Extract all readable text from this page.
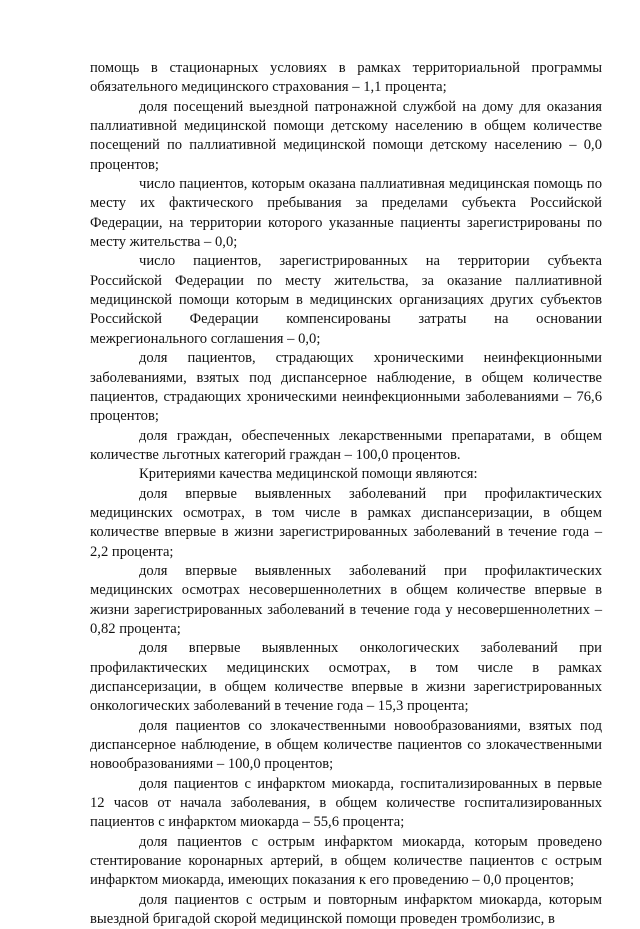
помощь в стационарных условиях в рамках территориальной программы обязательного медицинского страхования – 1,1 процента;

доля посещений выездной патронажной службой на дому для оказания паллиативной медицинской помощи детскому населению в общем количестве посещений по паллиативной медицинской помощи детскому населению – 0,0 процентов;

число пациентов, которым оказана паллиативная медицинская помощь по месту их фактического пребывания за пределами субъекта Российской Федерации, на территории которого указанные пациенты зарегистрированы по месту жительства – 0,0;

число пациентов, зарегистрированных на территории субъекта Российской Федерации по месту жительства, за оказание паллиативной медицинской помощи которым в медицинских организациях других субъектов Российской Федерации компенсированы затраты на основании межрегионального соглашения – 0,0;

доля пациентов, страдающих хроническими неинфекционными заболеваниями, взятых под диспансерное наблюдение, в общем количестве пациентов, страдающих хроническими неинфекционными заболеваниями – 76,6 процентов;

доля граждан, обеспеченных лекарственными препаратами, в общем количестве льготных категорий граждан – 100,0 процентов.

Критериями качества медицинской помощи являются:

доля впервые выявленных заболеваний при профилактических медицинских осмотрах, в том числе в рамках диспансеризации, в общем количестве впервые в жизни зарегистрированных заболеваний в течение года – 2,2 процента;

доля впервые выявленных заболеваний при профилактических медицинских осмотрах несовершеннолетних в общем количестве впервые в жизни зарегистрированных заболеваний в течение года у несовершеннолетних – 0,82 процента;

доля впервые выявленных онкологических заболеваний при профилактических медицинских осмотрах, в том числе в рамках диспансеризации, в общем количестве впервые в жизни зарегистрированных онкологических заболеваний в течение года – 15,3 процента;

доля пациентов со злокачественными новообразованиями, взятых под диспансерное наблюдение, в общем количестве пациентов со злокачественными новообразованиями – 100,0 процентов;

доля пациентов с инфарктом миокарда, госпитализированных в первые 12 часов от начала заболевания, в общем количестве госпитализированных пациентов с инфарктом миокарда – 55,6 процента;

доля пациентов с острым инфарктом миокарда, которым проведено стентирование коронарных артерий, в общем количестве пациентов с острым инфарктом миокарда, имеющих показания к его проведению – 0,0 процентов;

доля пациентов с острым и повторным инфарктом миокарда, которым выездной бригадой скорой медицинской помощи проведен тромболизис, в
